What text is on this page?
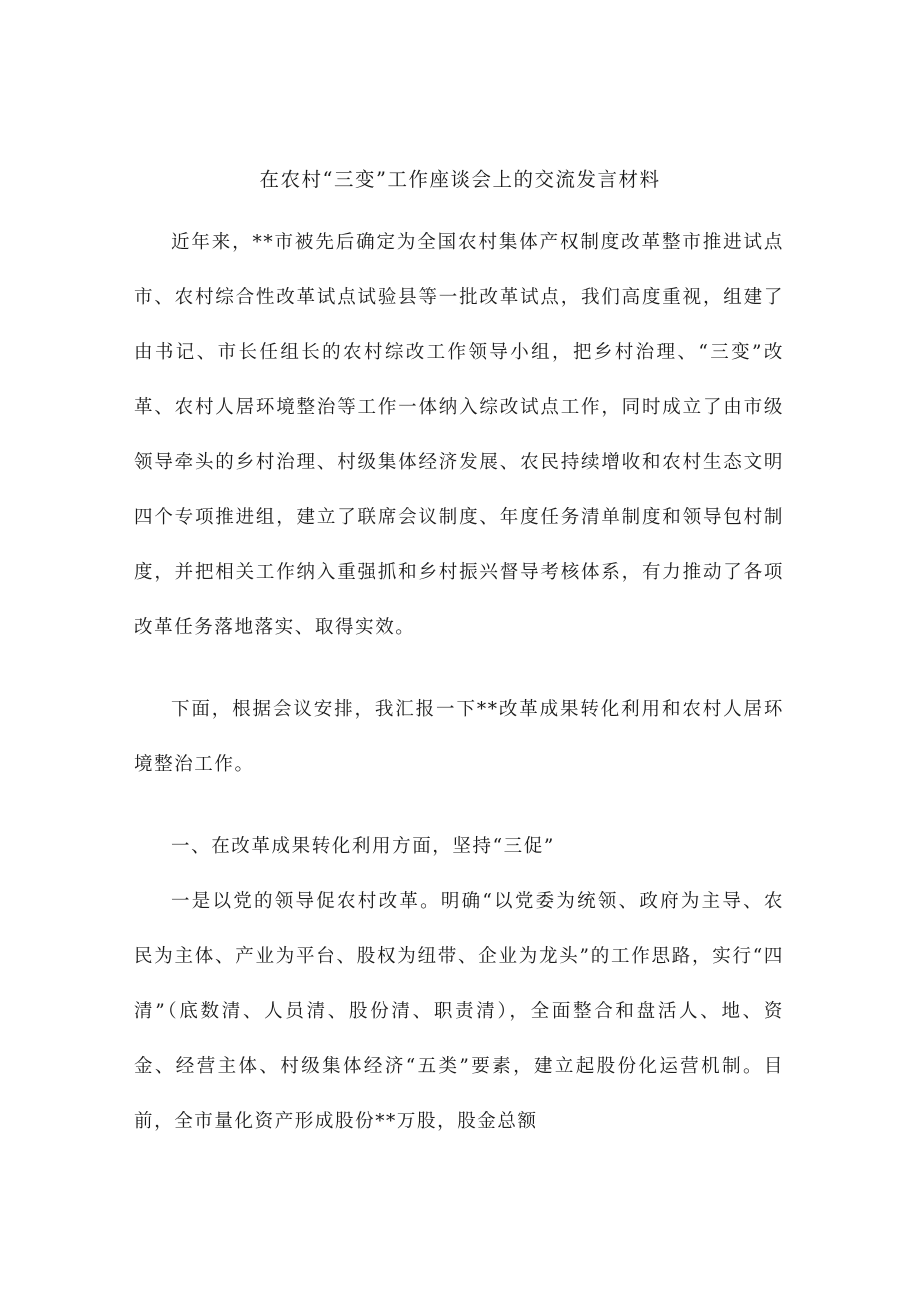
在农村“三变”工作座谈会上的交流发言材料

近年来，**市被先后确定为全国农村集体产权制度改革整市推进试点市、农村综合性改革试点试验县等一批改革试点，我们高度重视，组建了由书记、市长任组长的农村综改工作领导小组，把乡村治理、“三变”改革、农村人居环境整治等工作一体纳入综改试点工作，同时成立了由市级领导牵头的乡村治理、村级集体经济发展、农民持续增收和农村生态文明四个专项推进组，建立了联席会议制度、年度任务清单制度和领导包村制度，并把相关工作纳入重强抓和乡村振兴督导考核体系，有力推动了各项改革任务落地落实、取得实效。

下面，根据会议安排，我汇报一下**改革成果转化利用和农村人居环境整治工作。

一、在改革成果转化利用方面，坚持“三促”

一是以党的领导促农村改革。明确“以党委为统领、政府为主导、农民为主体、产业为平台、股权为纽带、企业为龙头”的工作思路，实行“四清”（底数清、人员清、股份清、职责清），全面整合和盘活人、地、资金、经营主体、村级集体经济“五类”要素，建立起股份化运营机制。目前，全市量化资产形成股份**万股，股金总额
